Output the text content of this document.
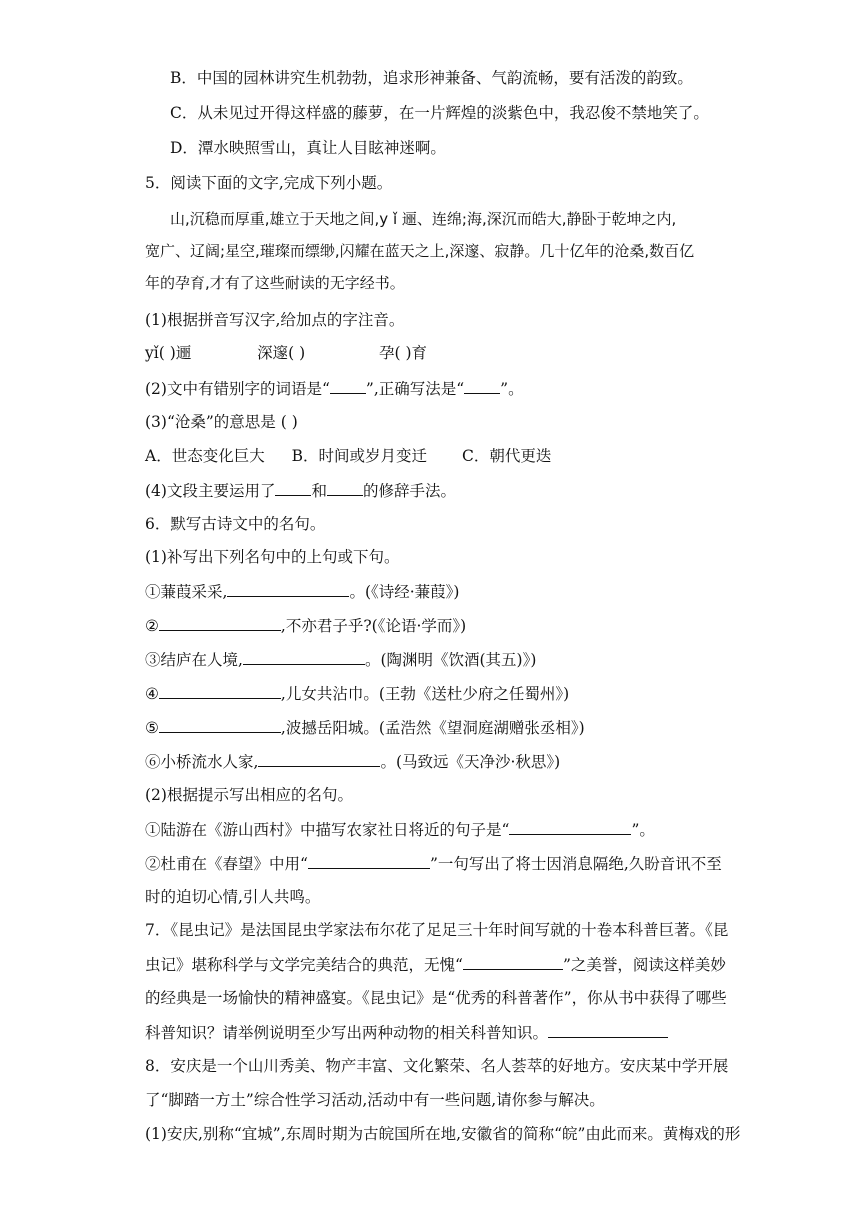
B．中国的园林讲究生机勃勃，追求形神兼备、气韵流畅，要有活泼的韵致。
C．从未见过开得这样盛的藤萝，在一片辉煌的淡紫色中，我忍俊不禁地笑了。
D．潭水映照雪山，真让人目眩神迷啊。
5．阅读下面的文字,完成下列小题。
山,沉稳而厚重,雄立于天地之间,y ǐ 逦、连绵;海,深沉而皓大,静卧于乾坤之内,
宽广、辽阔;星空,璀璨而缥缈,闪耀在蓝天之上,深邃、寂静。几十亿年的沧桑,数百亿
年的孕育,才有了这些耐读的无字经书。
(1)根据拼音写汉字,给加点的字注音。
yǐ( )逦	深邃( )	孕( )育
(2)文中有错别字的词语是“ ”,正确写法是“ ”。
(3)“沧桑”的意思是 ( )
A．世态变化巨大 B．时间或岁月变迁 C．朝代更迭
(4)文段主要运用了 和 的修辞手法。
6．默写古诗文中的名句。
(1)补写出下列名句中的上句或下句。
①蒹葭采采,	。(《诗经·蒹葭》)
②	,不亦君子乎?(《论语·学而》)
③结庐在人境,	。(陶渊明《饮酒(其五)》)
④	,儿女共沾巾。(王勃《送杜少府之任蜀州》)
⑤	,波撼岳阳城。(孟浩然《望洞庭湖赠张丞相》)
⑥小桥流水人家,	。(马致远《天净沙·秋思》)
(2)根据提示写出相应的名句。
①陆游在《游山西村》中描写农家社日将近的句子是“	”。
②杜甫在《春望》中用“	”一句写出了将士因消息隔绝,久盼音讯不至
时的迫切心情,引人共鸣。
7．《昆虫记》是法国昆虫学家法布尔花了足足三十年时间写就的十卷本科普巨著。《昆
虫记》堪称科学与文学完美结合的典范，无愧“	”之美誉，阅读这样美妙
的经典是一场愉快的精神盛宴。《昆虫记》是“优秀的科普著作”，你从书中获得了哪些
科普知识？请举例说明至少写出两种动物的相关科普知识。
8．安庆是一个山川秀美、物产丰富、文化繁荣、名人荟萃的好地方。安庆某中学开展
了“脚踏一方土”综合性学习活动,活动中有一些问题,请你参与解决。
(1)安庆,别称“宜城”,东周时期为古皖国所在地,安徽省的简称“皖”由此而来。黄梅戏的形
